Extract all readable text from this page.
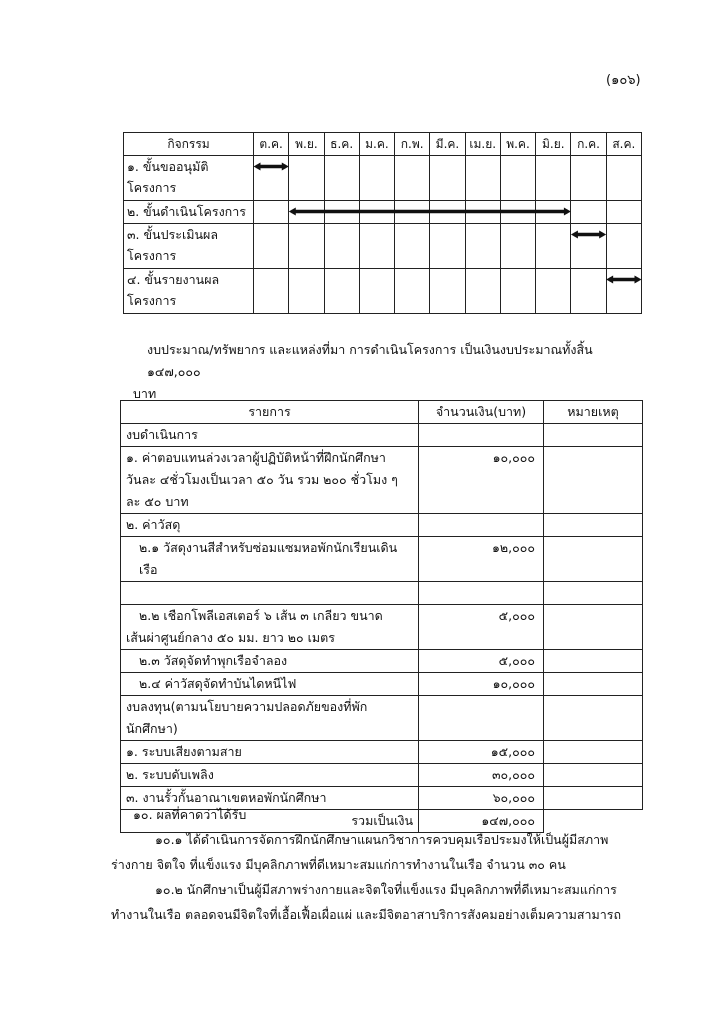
(๑๐๖)
กิจกรรม	ต.ค.	พ.ย.	ธ.ค.	ม.ค.	ก.พ.	มี.ค.	เม.ย.	พ.ค.	มิ.ย.	ก.ค.	ส.ค.
๑. ขั้นขออนุมัติ
โครงการ											
๒. ขั้นดำเนินโครงการ											
๓. ขั้นประเมินผล
โครงการ											
๔. ขั้นรายงานผล
โครงการ											
งบประมาณ/ทรัพยากร และแหล่งที่มา การดำเนินโครงการ เป็นเงินงบประมาณทั้งสิ้น ๑๔๗,๐๐๐
บาท
รายการ	จำนวนเงิน(บาท)	หมายเหตุ
งบดำเนินการ		
๑. ค่าตอบแทนล่วงเวลาผู้ปฏิบัติหน้าที่ฝึกนักศึกษา
วันละ ๔ชั่วโมงเป็นเวลา ๕๐ วัน รวม ๒๐๐ ชั่วโมง ๆ
ละ ๕๐ บาท	๑๐,๐๐๐	
๒. ค่าวัสดุ		
๒.๑ วัสดุงานสีสำหรับซ่อมแซมหอพักนักเรียนเดินเรือ	๑๒,๐๐๐	

๒.๒ เชือกโพลีเอสเตอร์ ๖ เส้น ๓ เกลียว ขนาด
เส้นผ่าศูนย์กลาง ๕๐ มม. ยาว ๒๐ เมตร	๕,๐๐๐	
๒.๓ วัสดุจัดทำพุกเรือจำลอง	๕,๐๐๐	
๒.๔ ค่าวัสดุจัดทำบันไดหนีไฟ	๑๐,๐๐๐	
งบลงทุน(ตามนโยบายความปลอดภัยของที่พักนักศึกษา)		
๑. ระบบเสียงตามสาย	๑๕,๐๐๐	
๒. ระบบดับเพลิง	๓๐,๐๐๐	
๓. งานรั้วกั้นอาณาเขตหอพักนักศึกษา	๖๐,๐๐๐	
รวมเป็นเงิน	๑๔๗,๐๐๐	

๑๐. ผลที่คาดว่าได้รับ

๑๐.๑ ได้ดำเนินการจัดการฝึกนักศึกษาแผนกวิชาการควบคุมเรือประมงให้เป็นผู้มีสภาพ

ร่างกาย จิตใจ ที่แข็งแรง มีบุคลิกภาพที่ดีเหมาะสมแก่การทำงานในเรือ จำนวน ๓๐ คน

๑๐.๒ นักศึกษาเป็นผู้มีสภาพร่างกายและจิตใจที่แข็งแรง มีบุคลิกภาพที่ดีเหมาะสมแก่การ

ทำงานในเรือ ตลอดจนมีจิตใจที่เอื้อเฟื้อเผื่อแผ่ และมีจิตอาสาบริการสังคมอย่างเต็มความสามารถ
